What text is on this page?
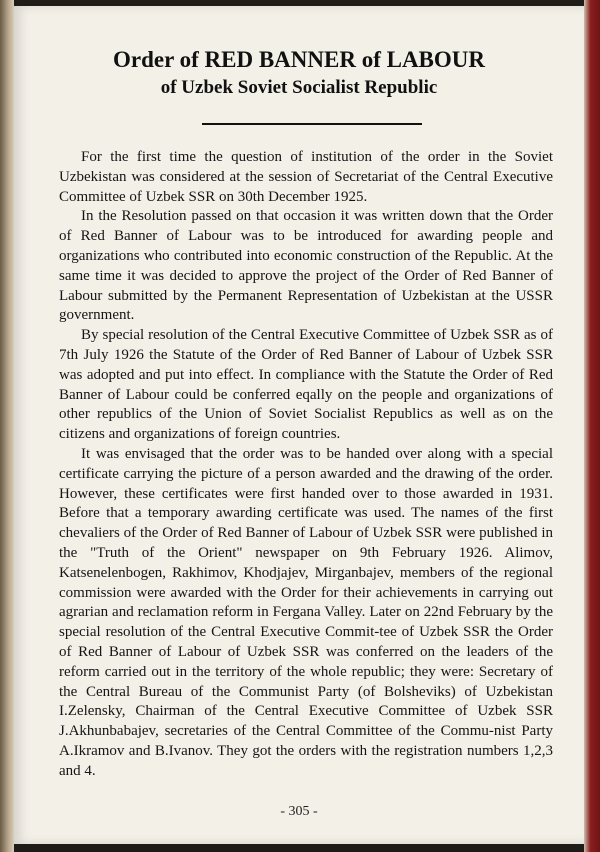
Order of RED BANNER of LABOUR
of Uzbek Soviet Socialist Republic

For the first time the question of institution of the order in the Soviet Uzbekistan was considered at the session of Secretariat of the Central Executive Committee of Uzbek SSR on 30th December 1925.

In the Resolution passed on that occasion it was written down that the Order of Red Banner of Labour was to be introduced for awarding people and organizations who contributed into economic construction of the Republic. At the same time it was decided to approve the project of the Order of Red Banner of Labour submitted by the Permanent Representation of Uzbekistan at the USSR government.

By special resolution of the Central Executive Committee of Uzbek SSR as of 7th July 1926 the Statute of the Order of Red Banner of Labour of Uzbek SSR was adopted and put into effect. In compliance with the Statute the Order of Red Banner of Labour could be conferred eqally on the people and organizations of other republics of the Union of Soviet Socialist Republics as well as on the citizens and organizations of foreign countries.

It was envisaged that the order was to be handed over along with a special certificate carrying the picture of a person awarded and the drawing of the order. However, these certificates were first handed over to those awarded in 1931. Before that a temporary awarding certificate was used. The names of the first chevaliers of the Order of Red Banner of Labour of Uzbek SSR were published in the "Truth of the Orient" newspaper on 9th February 1926. Alimov, Katsenelenbogen, Rakhimov, Khodjajev, Mirganbajev, members of the regional commission were awarded with the Order for their achievements in carrying out agrarian and reclamation reform in Fergana Valley. Later on 22nd February by the special resolution of the Central Executive Commit-tee of Uzbek SSR the Order of Red Banner of Labour of Uzbek SSR was conferred on the leaders of the reform carried out in the territory of the whole republic; they were: Secretary of the Central Bureau of the Communist Party (of Bolsheviks) of Uzbekistan I.Zelensky, Chairman of the Central Executive Committee of Uzbek SSR J.Akhunbabajev, secretaries of the Central Committee of the Commu-nist Party A.Ikramov and B.Ivanov. They got the orders with the registration numbers 1,2,3 and 4.

- 305 -
